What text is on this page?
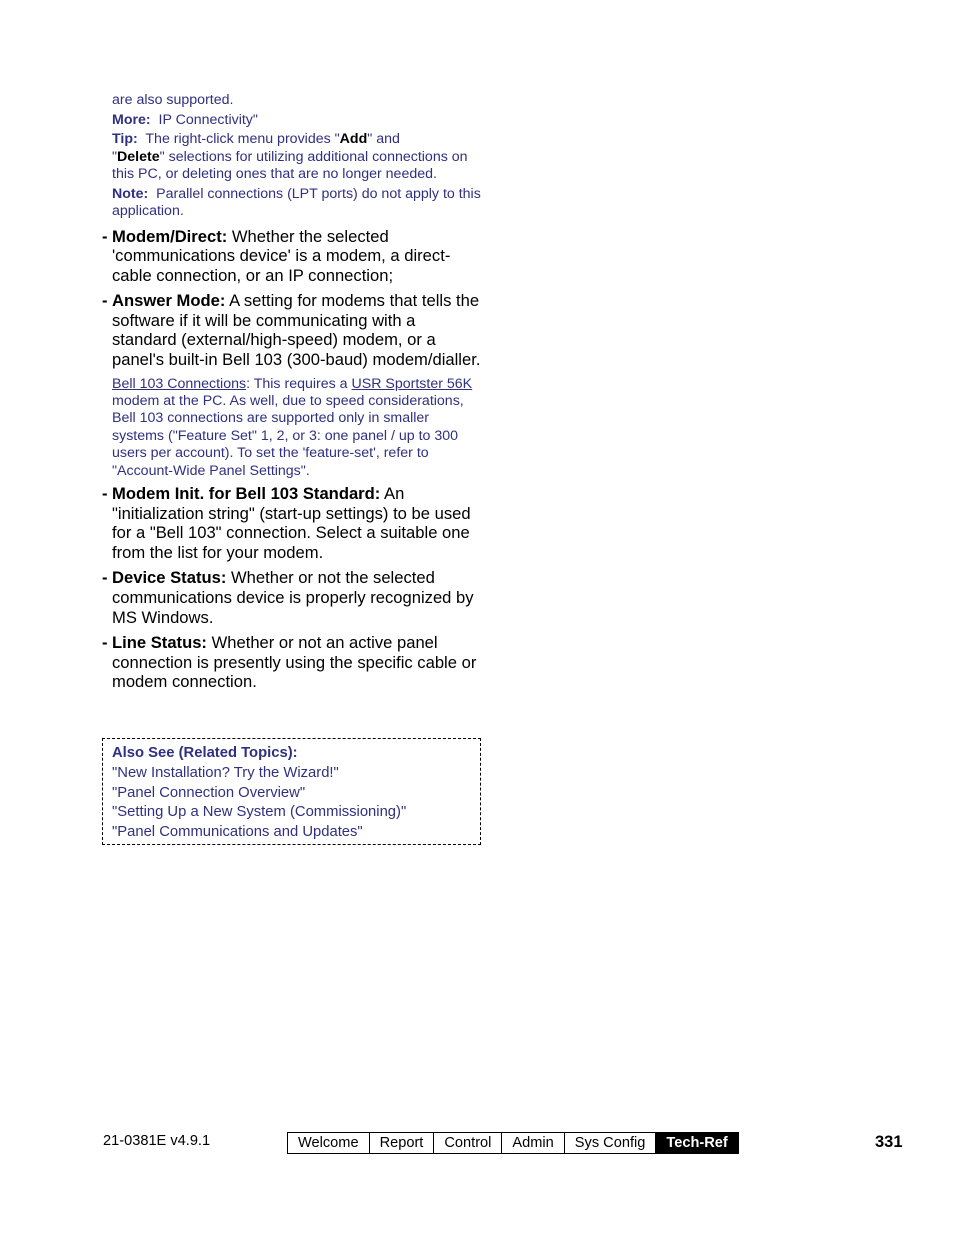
are also supported.
More: IP Connectivity"
Tip: The right-click menu provides "Add" and
"Delete" selections for utilizing additional connections on this PC, or deleting ones that are no longer needed.
Note: Parallel connections (LPT ports) do not apply to this application.
- Modem/Direct: Whether the selected 'communications device' is a modem, a direct-cable connection, or an IP connection;
- Answer Mode: A setting for modems that tells the software if it will be communicating with a standard (external/high-speed) modem, or a panel's built-in Bell 103 (300-baud) modem/dialler.
Bell 103 Connections: This requires a USR Sportster 56K modem at the PC. As well, due to speed considerations, Bell 103 connections are supported only in smaller systems ("Feature Set" 1, 2, or 3: one panel / up to 300 users per account). To set the 'feature-set', refer to "Account-Wide Panel Settings".
- Modem Init. for Bell 103 Standard: An "initialization string" (start-up settings) to be used for a "Bell 103" connection. Select a suitable one from the list for your modem.
- Device Status: Whether or not the selected communications device is properly recognized by MS Windows.
- Line Status: Whether or not an active panel connection is presently using the specific cable or modem connection.
Also See (Related Topics):
"New Installation? Try the Wizard!"
"Panel Connection Overview"
"Setting Up a New System (Commissioning)"
"Panel Communications and Updates"
21-0381E v4.9.1	Welcome	Report	Control	Admin	Sys Config	Tech-Ref	331
